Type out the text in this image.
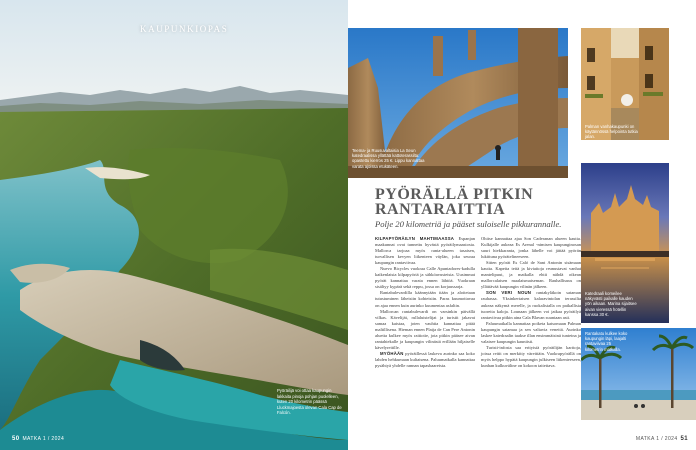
KAUPUNKIOPAS
Pyöräilijä voi ottaa kaupungin lakkaita pinoja pohjan puolelleen, kuten 20 kilometrin päässä Lluckmajoesta olevan Cala Cap de Falcón.
50 MATKA 1 / 2024
Teema- ja Ruusuvaltaisia La Seun katedraalissa yllättää kattoterassilta: opastettu kierros 25 €. Lippu kannattaa varata ajoissa etukäteen.
Palman vanhakaupunki on käytännössä helpointa tutkia jalan.
Katedraali komeilee näkyvästi paikalle kauden yön aikaan. Marina sijaitsee aivan vieressä hotellin kanssa 30 €.
Rantakatu kulkee koko kaupungin läpi, laajalti rantaviivaa 25 kilometrin matkalla.
PYÖRÄLLÄ PITKIN
RANTARAITTIA
Polje 20 kilometriä ja pääset suloiselle pikkurannalle.

KILPAPYÖRÄILYN MAHTIMAASSA Espanjan maakunnat ovat tunnettu hyvästä pyöräilymaastosta. Mallorca tarjoaa myös ranta-alueen tasaisen, turvallisen kevyen liikenteen väylän, joka seuraa kaupungin rantaviivaa.

Nuevo Bicycles vuokraa Calle Apuntadores-kadulla kaikenlaisia kilpapyöriä ja sähköavusteisia. Uusimmat pyörät kannattaa varata ennen lähtöä. Vuokraan sisältyy kypärä sekä reppu, jossa on korjaussarja.

Rantabulevardilla käännytään itään ja aloitetaan tutustuminen läheisiin kohteisiin. Paras kuumottavaa on ajaa ennen kuin aurinko kuumentaa asfaltin.

Mallorcan rantabulevardi on varsinkin päivällä vilkas. Kävelijät, rullaluistelijat ja turistit jakavat samaa kaistaa, joten vauhtia kannattaa pitää maltillisena. Hieman ennen Platja de Can Pere Antonin aluetta kulkee myös raitiotie, jota pitkin pääsee aivan rantahiekalle ja kaupungin vilinästä erillään hiljaiselle kävelyreitille.

MYÖHÄÄN pyöräillessä laskeva aurinko saa koko lahden hehkumaan kultaisena. Paluumatkalla kannattaa pysähtyä yhdelle rannan tapasbaareista.

Ohitse kannattaa ajaa Son Caderanan alueen kautta. Kulkijalle aukeaa Es Arenal -nimisen kaupunginosan suuri hiekkaranta, jonka lähelle voi jättää pyörän lukittuna pyörätelineeseen.

Sitten pyörät Es Caló de Sant Antonin sisämaan kautta. Kapeita teitä ja kiviaitoja reunustavat vanhat mantelipuut, ja matkalla ehtii nähdä oikean mallorcalaisen maalaismaiseman. Rauhallisuus on yllättävää kaupungin vilinän jälkeen.

SON VERI NOUN rantakyläkoin sataman rauhassa. Yksinkertaisen kalaravintolan terassilta aukeaa näkymä merelle, ja ruokalistalla on paikallisia tuoreita kaloja. Lounaan jälkeen voi jatkaa pyöräilyä rantaviivaa pitkin aina Cala Blavan suuntaan asti.

Paluumatkalla kannattaa poiketa katsomaan Palman kaupungin satamaa ja sen valtavia veneitä. Aurinko laskee katedraalin taakse illan ensimmäisinä tunteina ja valaisee kaupungin kauniisti.

Turisti-infosta saa erityisiä pyöräilijän karttoja, joissa reitit on merkitty väreittäin. Vuokrapyörällä on myös helppo hypätä kaupungin julkiseen liikenteeseen, kunhan kulkuväline on kokoon taitettava.

MATKA 1 / 2024 51
